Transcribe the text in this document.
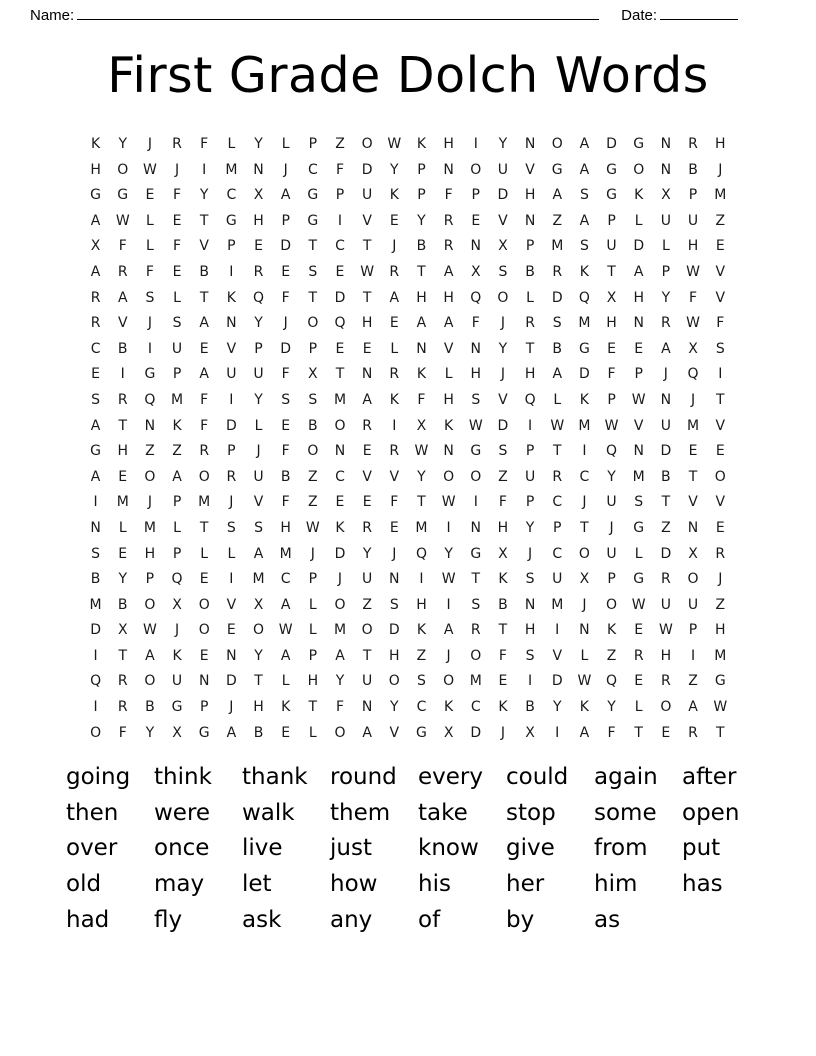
Name:	Date:
First Grade Dolch Words
K	Y	J	R	F	L	Y	L	P	Z	O	W	K	H	I	Y	N	O	A	D	G	N	R	H
H	O	W	J	I	M	N	J	C	F	D	Y	P	N	O	U	V	G	A	G	O	N	B	J
G	G	E	F	Y	C	X	A	G	P	U	K	P	F	P	D	H	A	S	G	K	X	P	M
A	W	L	E	T	G	H	P	G	I	V	E	Y	R	E	V	N	Z	A	P	L	U	U	Z
X	F	L	F	V	P	E	D	T	C	T	J	B	R	N	X	P	M	S	U	D	L	H	E
A	R	F	E	B	I	R	E	S	E	W	R	T	A	X	S	B	R	K	T	A	P	W	V
R	A	S	L	T	K	Q	F	T	D	T	A	H	H	Q	O	L	D	Q	X	H	Y	F	V
R	V	J	S	A	N	Y	J	O	Q	H	E	A	A	F	J	R	S	M	H	N	R	W	F
C	B	I	U	E	V	P	D	P	E	E	L	N	V	N	Y	T	B	G	E	E	A	X	S
E	I	G	P	A	U	U	F	X	T	N	R	K	L	H	J	H	A	D	F	P	J	Q	I
S	R	Q	M	F	I	Y	S	S	M	A	K	F	H	S	V	Q	L	K	P	W	N	J	T
A	T	N	K	F	D	L	E	B	O	R	I	X	K	W	D	I	W	M	W	V	U	M	V
G	H	Z	Z	R	P	J	F	O	N	E	R	W	N	G	S	P	T	I	Q	N	D	E	E
A	E	O	A	O	R	U	B	Z	C	V	V	Y	O	O	Z	U	R	C	Y	M	B	T	O
I	M	J	P	M	J	V	F	Z	E	E	F	T	W	I	F	P	C	J	U	S	T	V	V
N	L	M	L	T	S	S	H	W	K	R	E	M	I	N	H	Y	P	T	J	G	Z	N	E
S	E	H	P	L	L	A	M	J	D	Y	J	Q	Y	G	X	J	C	O	U	L	D	X	R
B	Y	P	Q	E	I	M	C	P	J	U	N	I	W	T	K	S	U	X	P	G	R	O	J
M	B	O	X	O	V	X	A	L	O	Z	S	H	I	S	B	N	M	J	O	W	U	U	Z
D	X	W	J	O	E	O	W	L	M	O	D	K	A	R	T	H	I	N	K	E	W	P	H
I	T	A	K	E	N	Y	A	P	A	T	H	Z	J	O	F	S	V	L	Z	R	H	I	M
Q	R	O	U	N	D	T	L	H	Y	U	O	S	O	M	E	I	D	W	Q	E	R	Z	G
I	R	B	G	P	J	H	K	T	F	N	Y	C	K	C	K	B	Y	K	Y	L	O	A	W
O	F	Y	X	G	A	B	E	L	O	A	V	G	X	D	J	X	I	A	F	T	E	R	T
going	think	thank round every	could	again	after
then	were	walk	them	take	stop	some	open
over	once	live	just	know	give	from	put
old	may	let	how	his	her	him	has
had	fly	ask	any	of	by	as
